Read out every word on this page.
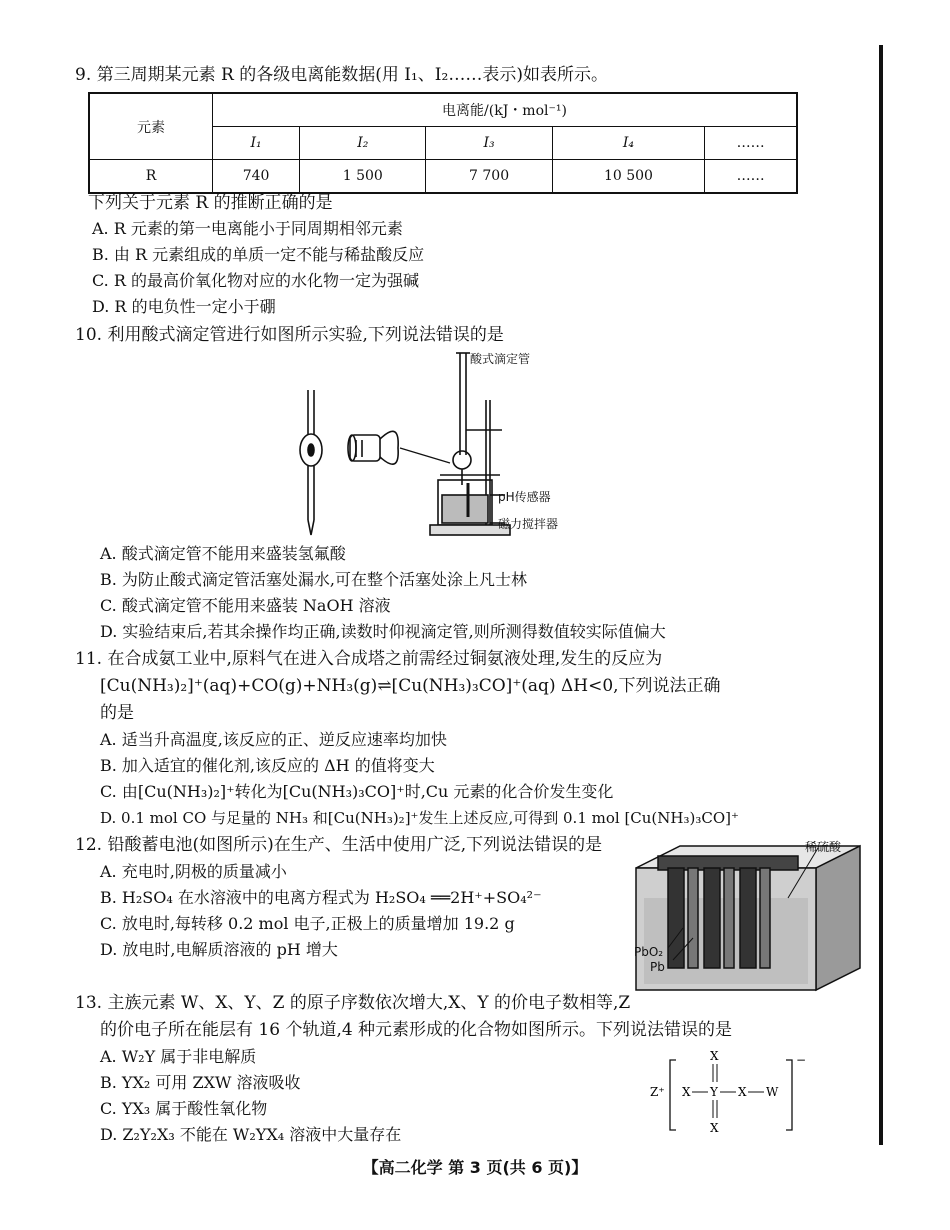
9. 第三周期某元素 R 的各级电离能数据(用 I₁、I₂……表示)如表所示。
元素	电离能/(kJ・mol⁻¹)				
	I₁	I₂	I₃	I₄	……
R	740	1 500	7 700	10 500	……
下列关于元素 R 的推断正确的是
A. R 元素的第一电离能小于同周期相邻元素
B. 由 R 元素组成的单质一定不能与稀盐酸反应
C. R 的最高价氧化物对应的水化物一定为强碱
D. R 的电负性一定小于硼
10. 利用酸式滴定管进行如图所示实验,下列说法错误的是
酸式滴定管
pH传感器
磁力搅拌器
A. 酸式滴定管不能用来盛装氢氟酸
B. 为防止酸式滴定管活塞处漏水,可在整个活塞处涂上凡士林
C. 酸式滴定管不能用来盛装 NaOH 溶液
D. 实验结束后,若其余操作均正确,读数时仰视滴定管,则所测得数值较实际值偏大
11. 在合成氨工业中,原料气在进入合成塔之前需经过铜氨液处理,发生的反应为
[Cu(NH₃)₂]⁺(aq)+CO(g)+NH₃(g)⇌[Cu(NH₃)₃CO]⁺(aq) ΔH<0,下列说法正确
的是
A. 适当升高温度,该反应的正、逆反应速率均加快
B. 加入适宜的催化剂,该反应的 ΔH 的值将变大
C. 由[Cu(NH₃)₂]⁺转化为[Cu(NH₃)₃CO]⁺时,Cu 元素的化合价发生变化
D. 0.1 mol CO 与足量的 NH₃ 和[Cu(NH₃)₂]⁺发生上述反应,可得到 0.1 mol [Cu(NH₃)₃CO]⁺
12. 铅酸蓄电池(如图所示)在生产、生活中使用广泛,下列说法错误的是
A. 充电时,阴极的质量减小
B. H₂SO₄ 在水溶液中的电离方程式为 H₂SO₄ ══2H⁺+SO₄²⁻
C. 放电时,每转移 0.2 mol 电子,正极上的质量增加 19.2 g
D. 放电时,电解质溶液的 pH 增大
稀硫酸
PbO₂
Pb
13. 主族元素 W、X、Y、Z 的原子序数依次增大,X、Y 的价电子数相等,Z
的价电子所在能层有 16 个轨道,4 种元素形成的化合物如图所示。下列说法错误的是
A. W₂Y 属于非电解质
B. YX₂ 可用 ZXW 溶液吸收
C. YX₃ 属于酸性氧化物
D. Z₂Y₂X₃ 不能在 W₂YX₄ 溶液中大量存在
Z⁺
−
X Y X W
X
X
【高二化学 第 3 页(共 6 页)】
